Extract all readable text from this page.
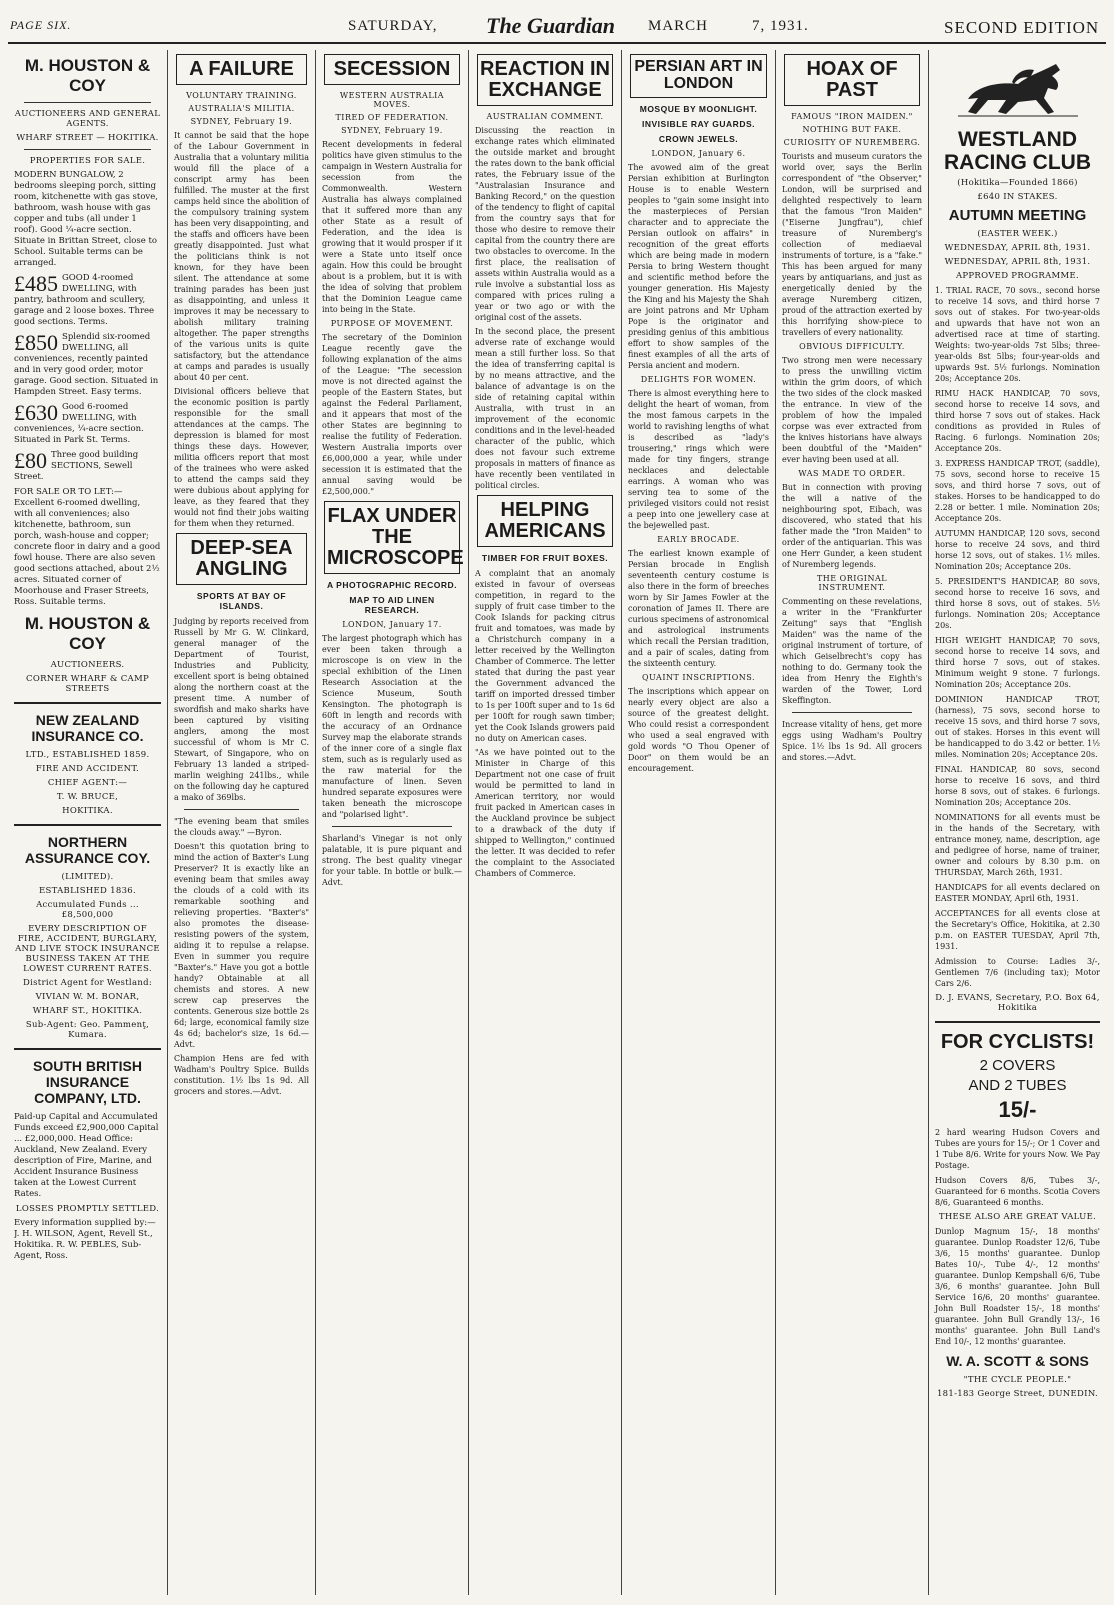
PAGE SIX.	SATURDAY, The Guardian MARCH	7, 1931.	SECOND EDITION
M. HOUSTON & COY
AUCTIONEERS AND GENERAL AGENTS.
WHARF STREET — HOKITIKA.
PROPERTIES FOR SALE.
MODERN BUNGALOW, 2 bedrooms sleeping porch, sitting room, kitchenette with gas stove, bathroom, wash house with gas copper and tubs (all under 1 roof). Good ¼-acre section. Situate in Brittan Street, close to School. Suitable terms can be arranged.
£485 GOOD 4-roomed DWELLING, with pantry, bathroom and scullery, garage and 2 loose boxes. Three good sections. Terms.
£850 Splendid six-roomed DWELLING, all conveniences, recently painted and in very good order, motor garage. Good section. Situated in Hampden Street. Easy terms.
£630 Good 6-roomed DWELLING, with conveniences, ¼-acre section. Situated in Park St. Terms.
£80 Three good building SECTIONS, Sewell Street.
FOR SALE OR TO LET:—Excellent 6-roomed dwelling, with all conveniences; also kitchenette, bathroom, sun porch, wash-house and copper; concrete floor in dairy and a good fowl house. There are also seven good sections attached, about 2½ acres. Situated corner of Moorhouse and Fraser Streets, Ross. Suitable terms.
M. HOUSTON & COY
AUCTIONEERS.
CORNER WHARF & CAMP STREETS
NEW ZEALAND INSURANCE CO.
LTD., ESTABLISHED 1859.
FIRE AND ACCIDENT.
CHIEF AGENT:—
T. W. BRUCE,
HOKITIKA.
NORTHERN ASSURANCE COY.
(LIMITED).
ESTABLISHED 1836.
Accumulated Funds ... £8,500,000
EVERY DESCRIPTION OF FIRE, ACCIDENT, BURGLARY, AND LIVE STOCK INSURANCE BUSINESS TAKEN AT THE LOWEST CURRENT RATES.
District Agent for Westland:
VIVIAN W. M. BONAR,
WHARF ST., HOKITIKA.
Sub-Agent: Geo. Pammenţ, Kumara.
SOUTH BRITISH INSURANCE COMPANY, LTD.
Paid-up Capital and Accumulated Funds exceed £2,900,000 Capital ... £2,000,000. Head Office: Auckland, New Zealand. Every description of Fire, Marine, and Accident Insurance Business taken at the Lowest Current Rates.
LOSSES PROMPTLY SETTLED.
Every information supplied by:— J. H. WILSON, Agent, Revell St., Hokitika. R. W. PEBLES, Sub-Agent, Ross.
A FAILURE
VOLUNTARY TRAINING.
AUSTRALIA'S MILITIA.
SYDNEY, February 19.
It cannot be said that the hope of the Labour Government in Australia that a voluntary militia would fill the place of a conscript army has been fulfilled. The muster at the first camps held since the abolition of the compulsory training system has been very disappointing, and the staffs and officers have been greatly disappointed. Just what the politicians think is not known, for they have been silent. The attendance at some training parades has been just as disappointing, and unless it improves it may be necessary to abolish military training altogether. The paper strengths of the various units is quite satisfactory, but the attendance at camps and parades is usually about 40 per cent.
Divisional officers believe that the economic position is partly responsible for the small attendances at the camps. The depression is blamed for most things these days. However, militia officers report that most of the trainees who were asked to attend the camps said they were dubious about applying for leave, as they feared that they would not find their jobs waiting for them when they returned.
DEEP-SEA ANGLING
SPORTS AT BAY OF ISLANDS.
Judging by reports received from Russell by Mr G. W. Clinkard, general manager of the Department of Tourist, Industries and Publicity, excellent sport is being obtained along the northern coast at the present time. A number of swordfish and mako sharks have been captured by visiting anglers, among the most successful of whom is Mr C. Stewart, of Singapore, who on February 13 landed a striped-marlin weighing 241lbs., while on the following day he captured a mako of 369lbs.
"The evening beam that smiles the clouds away." —Byron.
Doesn't this quotation bring to mind the action of Baxter's Lung Preserver? It is exactly like an evening beam that smiles away the clouds of a cold with its remarkable soothing and relieving properties. "Baxter's" also promotes the disease-resisting powers of the system, aiding it to repulse a relapse. Even in summer you require "Baxter's." Have you got a bottle handy? Obtainable at all chemists and stores. A new screw cap preserves the contents. Generous size bottle 2s 6d; large, economical family size 4s 6d; bachelor's size, 1s 6d.—Advt.
Champion Hens are fed with Wadham's Poultry Spice. Builds constitution. 1½ lbs 1s 9d. All grocers and stores.—Advt.
SECESSION
WESTERN AUSTRALIA MOVES.
TIRED OF FEDERATION.
SYDNEY, February 19.
Recent developments in federal politics have given stimulus to the campaign in Western Australia for secession from the Commonwealth. Western Australia has always complained that it suffered more than any other State as a result of Federation, and the idea is growing that it would prosper if it were a State unto itself once again. How this could be brought about is a problem, but it is with the idea of solving that problem that the Dominion League came into being in the State.
PURPOSE OF MOVEMENT.
The secretary of the Dominion League recently gave the following explanation of the aims of the League: "The secession move is not directed against the people of the Eastern States, but against the Federal Parliament, and it appears that most of the other States are beginning to realise the futility of Federation. Western Australia imports over £6,000,000 a year, while under secession it is estimated that the annual saving would be £2,500,000."
FLAX UNDER THE MICROSCOPE
A PHOTOGRAPHIC RECORD.
MAP TO AID LINEN RESEARCH.
LONDON, January 17.
The largest photograph which has ever been taken through a microscope is on view in the special exhibition of the Linen Research Association at the Science Museum, South Kensington. The photograph is 60ft in length and records with the accuracy of an Ordnance Survey map the elaborate strands of the inner core of a single flax stem, such as is regularly used as the raw material for the manufacture of linen. Seven hundred separate exposures were taken beneath the microscope and "polarised light".
Sharland's Vinegar is not only palatable, it is pure piquant and strong. The best quality vinegar for your table. In bottle or bulk.—Advt.
REACTION IN EXCHANGE
AUSTRALIAN COMMENT.
Discussing the reaction in exchange rates which eliminated the outside market and brought the rates down to the bank official rates, the February issue of the "Australasian Insurance and Banking Record," on the question of the tendency to flight of capital from the country says that for those who desire to remove their capital from the country there are two obstacles to overcome. In the first place, the realisation of assets within Australia would as a rule involve a substantial loss as compared with prices ruling a year or two ago or with the original cost of the assets.
In the second place, the present adverse rate of exchange would mean a still further loss. So that the idea of transferring capital is by no means attractive, and the balance of advantage is on the side of retaining capital within Australia, with trust in an improvement of the economic conditions and in the level-headed character of the public, which does not favour such extreme proposals in matters of finance as have recently been ventilated in political circles.
HELPING AMERICANS
TIMBER FOR FRUIT BOXES.
A complaint that an anomaly existed in favour of overseas competition, in regard to the supply of fruit case timber to the Cook Islands for packing citrus fruit and tomatoes, was made by a Christchurch company in a letter received by the Wellington Chamber of Commerce. The letter stated that during the past year the Government advanced the tariff on imported dressed timber to 1s per 100ft super and to 1s 6d per 100ft for rough sawn timber; yet the Cook Islands growers paid no duty on American cases.
"As we have pointed out to the Minister in Charge of this Department not one case of fruit would be permitted to land in American territory, nor would fruit packed in American cases in the Auckland province be subject to a drawback of the duty if shipped to Wellington," continued the letter. It was decided to refer the complaint to the Associated Chambers of Commerce.
PERSIAN ART IN LONDON
MOSQUE BY MOONLIGHT.
INVISIBLE RAY GUARDS.
CROWN JEWELS.
LONDON, January 6.
The avowed aim of the great Persian exhibition at Burlington House is to enable Western peoples to "gain some insight into the masterpieces of Persian character and to appreciate the Persian outlook on affairs" in recognition of the great efforts which are being made in modern Persia to bring Western thought and scientific method before the younger generation. His Majesty the King and his Majesty the Shah are joint patrons and Mr Upham Pope is the originator and presiding genius of this ambitious effort to show samples of the finest examples of all the arts of Persia ancient and modern.
DELIGHTS FOR WOMEN.
There is almost everything here to delight the heart of woman, from the most famous carpets in the world to ravishing lengths of what is described as "lady's trousering," rings which were made for tiny fingers, strange necklaces and delectable earrings. A woman who was serving tea to some of the privileged visitors could not resist a peep into one jewellery case at the bejewelled past.
EARLY BROCADE.
The earliest known example of Persian brocade in English seventeenth century costume is also there in the form of breeches worn by Sir James Fowler at the coronation of James II. There are curious specimens of astronomical and astrological instruments which recall the Persian tradition, and a pair of scales, dating from the sixteenth century.
QUAINT INSCRIPTIONS.
The inscriptions which appear on nearly every object are also a source of the greatest delight. Who could resist a correspondent who used a seal engraved with gold words "O Thou Opener of Door" on them would be an encouragement.
HOAX OF PAST
FAMOUS "IRON MAIDEN."
NOTHING BUT FAKE.
CURIOSITY OF NUREMBERG.
Tourists and museum curators the world over, says the Berlin correspondent of "the Observer," London, will be surprised and delighted respectively to learn that the famous "Iron Maiden" ("Eiserne Jungfrau"), chief treasure of Nuremberg's collection of mediaeval instruments of torture, is a "fake." This has been argued for many years by antiquarians, and just as energetically denied by the average Nuremberg citizen, proud of the attraction exerted by this horrifying show-piece to travellers of every nationality.
OBVIOUS DIFFICULTY.
Two strong men were necessary to press the unwilling victim within the grim doors, of which the two sides of the clock masked the entrance. In view of the problem of how the impaled corpse was ever extracted from the knives historians have always been doubtful of the "Maiden" ever having been used at all.
WAS MADE TO ORDER.
But in connection with proving the will a native of the neighbouring spot, Eibach, was discovered, who stated that his father made the "Iron Maiden" to order of the antiquarian. This was one Herr Gunder, a keen student of Nuremberg legends.
THE ORIGINAL INSTRUMENT.
Commenting on these revelations, a writer in the "Frankfurter Zeitung" says that "English Maiden" was the name of the original instrument of torture, of which Geiselbrecht's copy has nothing to do. Germany took the idea from Henry the Eighth's warden of the Tower, Lord Skeffington.
Increase vitality of hens, get more eggs using Wadham's Poultry Spice. 1½ lbs 1s 9d. All grocers and stores.—Advt.
WESTLAND RACING CLUB
(Hokitika—Founded 1866)
£640 IN STAKES.
AUTUMN MEETING
(EASTER WEEK.)
WEDNESDAY, APRIL 8th, 1931.
WEDNESDAY, APRIL 8th, 1931.
APPROVED PROGRAMME.
1. TRIAL RACE, 70 sovs., second horse to receive 14 sovs, and third horse 7 sovs out of stakes. For two-year-olds and upwards that have not won an advertised race at time of starting. Weights: two-year-olds 7st 5lbs; three-year-olds 8st 5lbs; four-year-olds and upwards 9st. 5½ furlongs. Nomination 20s; Acceptance 20s.
RIMU HACK HANDICAP, 70 sovs, second horse to receive 14 sovs, and third horse 7 sovs out of stakes. Hack conditions as provided in Rules of Racing. 6 furlongs. Nomination 20s; Acceptance 20s.
3. EXPRESS HANDICAP TROT, (saddle), 75 sovs, second horse to receive 15 sovs, and third horse 7 sovs, out of stakes. Horses to be handicapped to do 2.28 or better. 1 mile. Nomination 20s; Acceptance 20s.
AUTUMN HANDICAP, 120 sovs, second horse to receive 24 sovs, and third horse 12 sovs, out of stakes. 1½ miles. Nomination 20s; Acceptance 20s.
5. PRESIDENT'S HANDICAP, 80 sovs, second horse to receive 16 sovs, and third horse 8 sovs, out of stakes. 5½ furlongs. Nomination 20s; Acceptance 20s.
HIGH WEIGHT HANDICAP, 70 sovs, second horse to receive 14 sovs, and third horse 7 sovs, out of stakes. Minimum weight 9 stone. 7 furlongs. Nomination 20s; Acceptance 20s.
DOMINION HANDICAP TROT, (harness), 75 sovs, second horse to receive 15 sovs, and third horse 7 sovs, out of stakes. Horses in this event will be handicapped to do 3.42 or better. 1½ miles. Nomination 20s; Acceptance 20s.
FINAL HANDICAP, 80 sovs, second horse to receive 16 sovs, and third horse 8 sovs, out of stakes. 6 furlongs. Nomination 20s; Acceptance 20s.
NOMINATIONS for all events must be in the hands of the Secretary, with entrance money, name, description, age and pedigree of horse, name of trainer, owner and colours by 8.30 p.m. on THURSDAY, March 26th, 1931.
HANDICAPS for all events declared on EASTER MONDAY, April 6th, 1931.
ACCEPTANCES for all events close at the Secretary's Office, Hokitika, at 2.30 p.m. on EASTER TUESDAY, April 7th, 1931.
Admission to Course: Ladies 3/-, Gentlemen 7/6 (including tax); Motor Cars 2/6.
D. J. EVANS, Secretary, P.O. Box 64, Hokitika
FOR CYCLISTS!
2 COVERS
AND 2 TUBES
15/-
2 hard wearing Hudson Covers and Tubes are yours for 15/-; Or 1 Cover and 1 Tube 8/6. Write for yours Now. We Pay Postage.
Hudson Covers 8/6, Tubes 3/-, Guaranteed for 6 months. Scotia Covers 8/6, Guaranteed 6 months.
THESE ALSO ARE GREAT VALUE.
Dunlop Magnum 15/-, 18 months' guarantee. Dunlop Roadster 12/6, Tube 3/6, 15 months' guarantee. Dunlop Bates 10/-, Tube 4/-, 12 months' guarantee. Dunlop Kempshall 6/6, Tube 3/6, 6 months' guarantee. John Bull Service 16/6, 20 months' guarantee. John Bull Roadster 15/-, 18 months' guarantee. John Bull Grandly 13/-, 16 months' guarantee. John Bull Land's End 10/-, 12 months' guarantee.
W. A. SCOTT & SONS
"THE CYCLE PEOPLE."
181-183 George Street, DUNEDIN.
